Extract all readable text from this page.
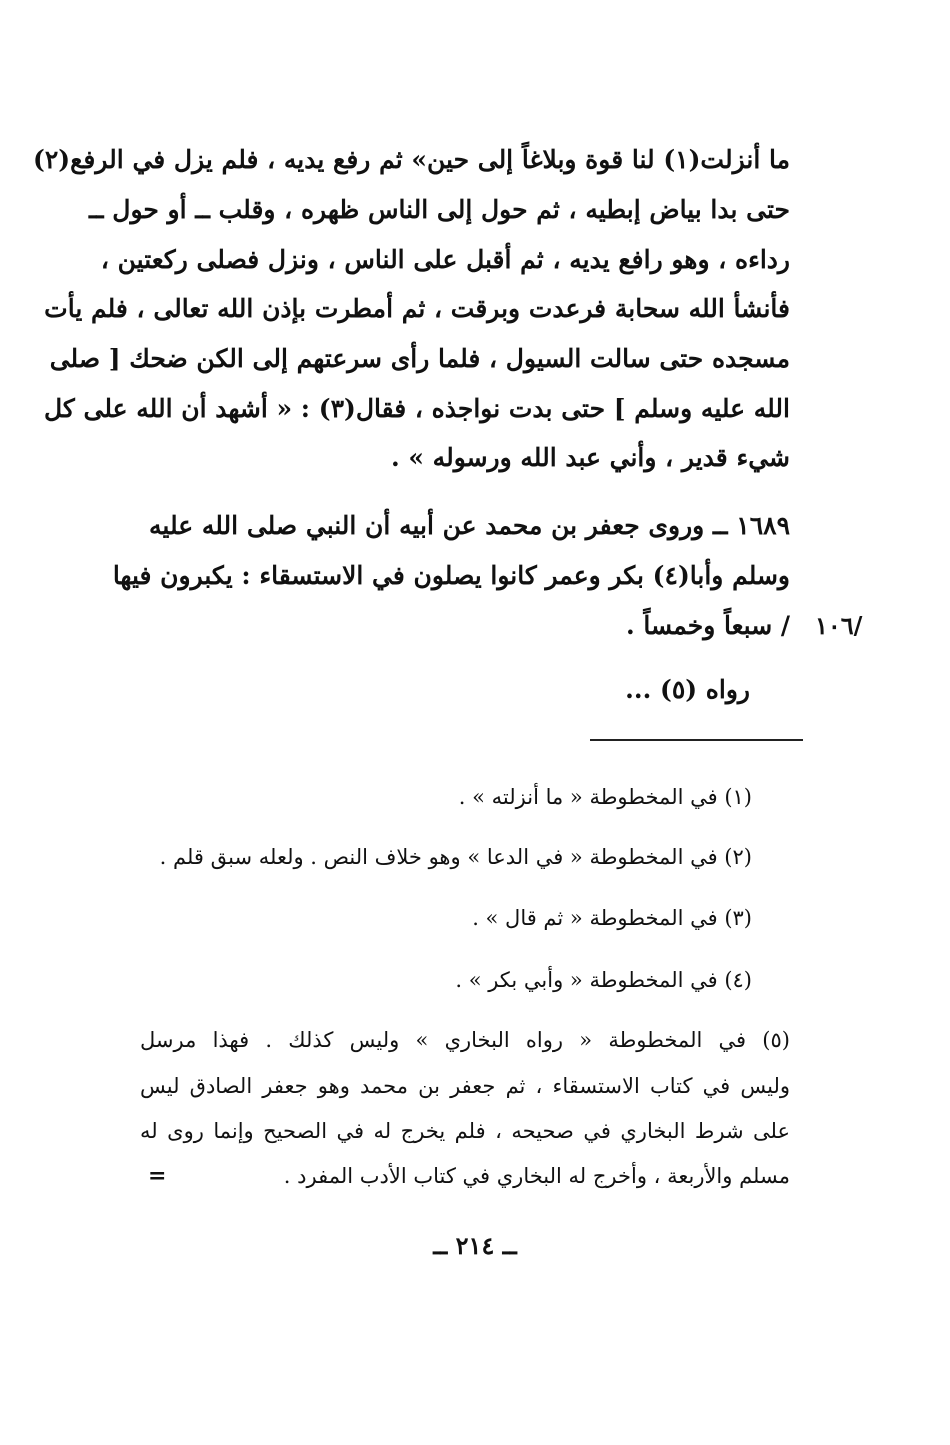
ما أنزلت(١) لنا قوة وبلاغاً إلى حين» ثم رفع يديه ، فلم يزل في الرفع(٢)
حتى بدا بياض إبطيه ، ثم حول إلى الناس ظهره ، وقلب ــ أو حول ــ
رداءه ، وهو رافع يديه ، ثم أقبل على الناس ، ونزل فصلى ركعتين ،
فأنشأ الله سحابة فرعدت وبرقت ، ثم أمطرت بإذن الله تعالى ، فلم يأت
مسجده حتى سالت السيول ، فلما رأى سرعتهم إلى الكن ضحك [ صلى
الله عليه وسلم ] حتى بدت نواجذه ، فقال(٣) : « أشهد أن الله على كل
شيء قدير ، وأني عبد الله ورسوله » .
١٦٨٩ ــ وروى جعفر بن محمد عن أبيه أن النبي صلى الله عليه
وسلم وأبا(٤) بكر وعمر كانوا يصلون في الاستسقاء : يكبرون فيها
/ سبعاً وخمساً . ١٠٦/
رواه (٥) ...
(١) في المخطوطة « ما أنزلته » .
(٢) في المخطوطة « في الدعا » وهو خلاف النص . ولعله سبق قلم .
(٣) في المخطوطة « ثم قال » .
(٤) في المخطوطة « وأبي بكر » .
(٥) في المخطوطة « رواه البخاري » وليس كذلك . فهذا مرسل
وليس في كتاب الاستسقاء ، ثم جعفر بن محمد وهو جعفر الصادق ليس
على شرط البخاري في صحيحه ، فلم يخرج له في الصحيح وإنما روى له
مسلم والأربعة ، وأخرج له البخاري في كتاب الأدب المفرد .
=
ــ ٢١٤ ــ
